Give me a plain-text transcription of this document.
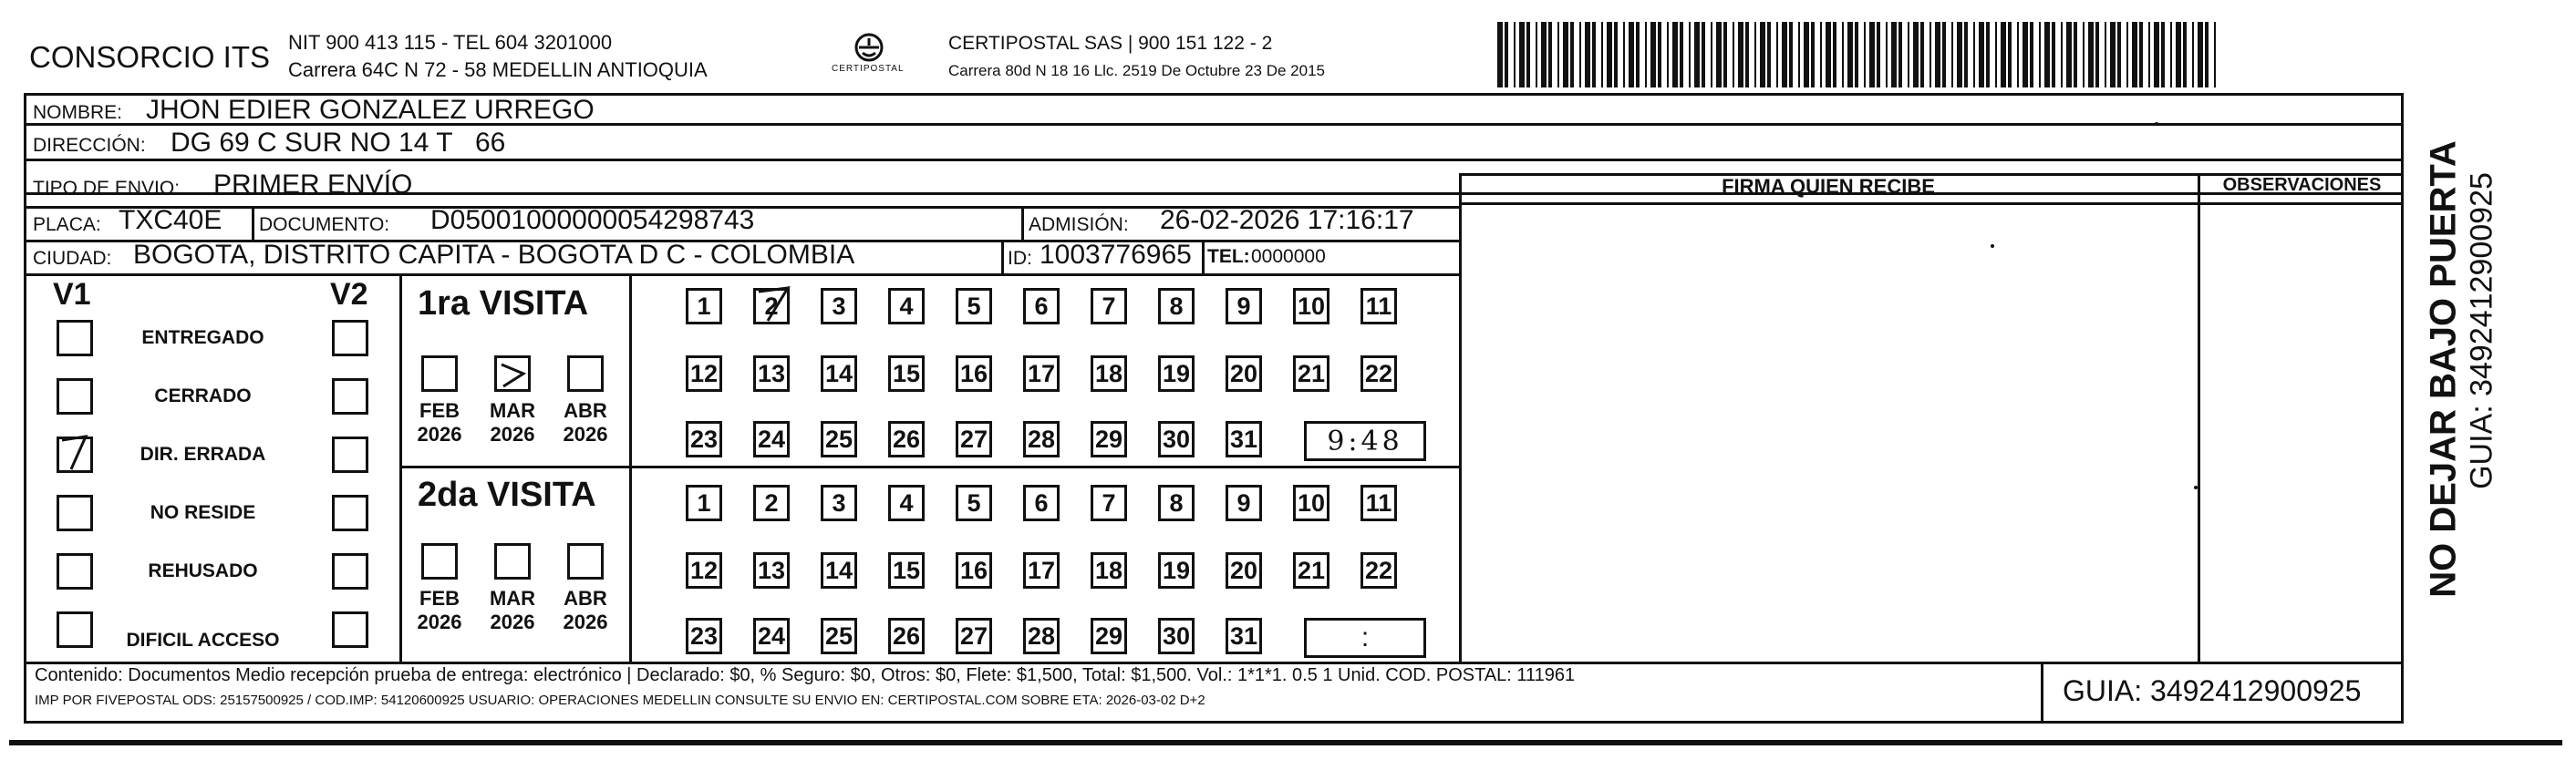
CONSORCIO ITS NIT 900 413 115 - TEL 604 3201000
Carrera 64C N 72 - 58 MEDELLIN ANTIOQUIA	CERTIPOSTAL
CERTIPOSTAL SAS | 900 151 122 - 2
Carrera 80d N 18 16 Llc. 2519 De Octubre 23 De 2015
NOMBRE: JHON EDIER GONZALEZ URREGO
DIRECCIÓN: DG 69 C SUR NO 14 T   66
TIPO DE ENVIO: PRIMER ENVÍO	FIRMA QUIEN RECIBE	OBSERVACIONES
PLACA: TXC40E DOCUMENTO: D05001000000054298743	ADMISIÓN: 26-02-2026 17:16:17
CIUDAD: BOGOTA, DISTRITO CAPITA - BOGOTA D C - COLOMBIA	ID: 1003776965 TEL: 0000000
V1	V2 1ra VISITA
2da VISITA	NO DEJAR BAJO PUERTA GUIA: 3492412900925
Contenido: Documentos Medio recepción prueba de entrega: electrónico | Declarado: $0, % Seguro: $0, Otros: $0, Flete: $1,500, Total: $1,500. Vol.: 1*1*1. 0.5 1 Unid. COD. POSTAL: 111961
IMP POR FIVEPOSTAL ODS: 25157500925 / COD.IMP: 54120600925 USUARIO: OPERACIONES MEDELLIN CONSULTE SU ENVIO EN: CERTIPOSTAL.COM SOBRE ETA: 2026-03-02 D+2	GUIA: 3492412900925
ENTREGADO
CERRADO
DIR. ERRADA
NO RESIDE
REHUSADO
DIFICIL ACCESO
FEB
2026
MAR
2026
ABR
2026
FEB
2026
MAR
2026
ABR
2026
1	2	3	4	5	6	7	8	9	10 11
12 13 14 15 16 17 18 19 20 21 22
23 24 25 26 27 28 29 30 31	9:48
1	2	3	4	5	6	7	8	9	10 11
12 13 14 15 16 17 18 19 20 21 22
23 24 25 26 27 28 29 30 31	:
